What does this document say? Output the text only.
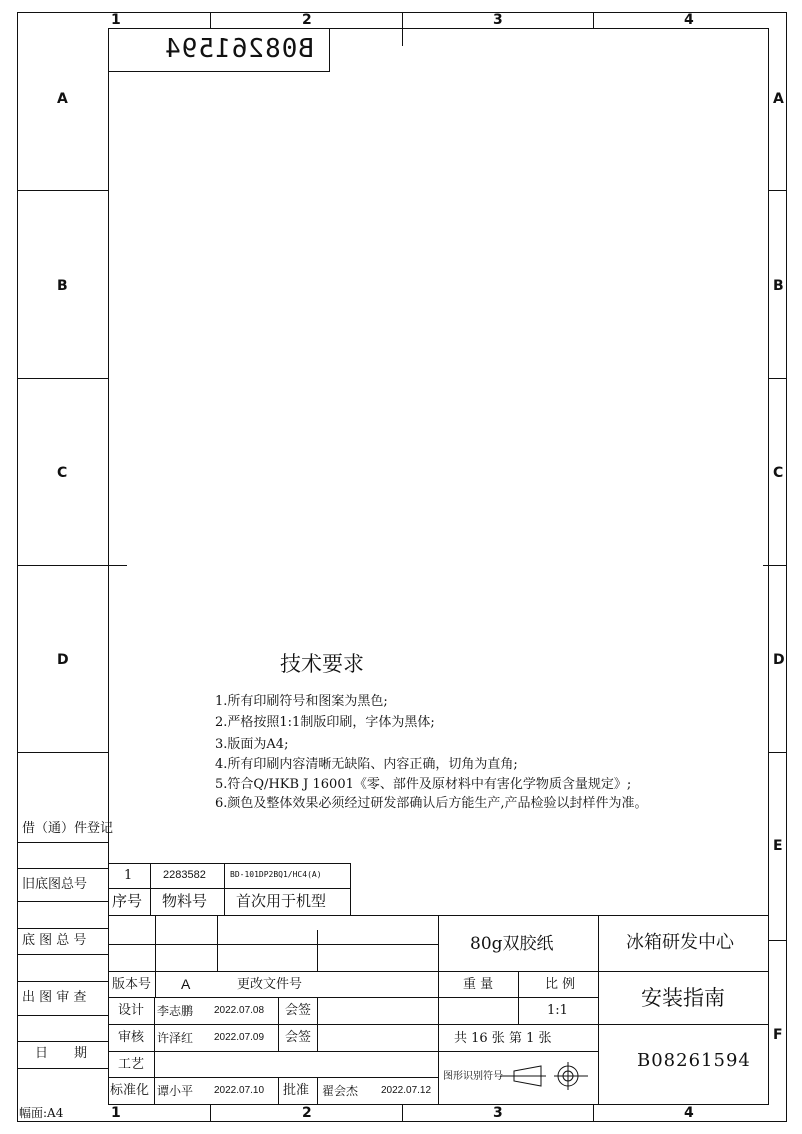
1	2	3	4
1	2	3	4
A
B
C
D
A
B
C
D
E
F
B08261594
技术要求
1.所有印刷符号和图案为黑色;
2.严格按照1:1制版印刷，字体为黑体;
3.版面为A4;
4.所有印刷内容清晰无缺陷、内容正确，切角为直角;
5.符合Q/HKB J 16001《零、部件及原材料中有害化学物质含量规定》;
6.颜色及整体效果必须经过研发部确认后方能生产,产品检验以封样件为准。
借（通）件登记
旧底图总号
底 图 总 号
出 图 审 查
日　　期
幅面:A4
1	2283582	BD-101DP2BQ1/HC4(A)
序号 物料号 首次用于机型
80g双胶纸	冰箱研发中心
版本号 A	更改文件号	重 量	比 例
1:1
安装指南
设计 李志鹏 2022.07.08 会签
审核 许泽红 2022.07.09 会签
工艺
标准化 谭小平 2022.07.10 批准 翟会杰 2022.07.12
共 16 张 第 1 张
B08261594
图形识别符号
